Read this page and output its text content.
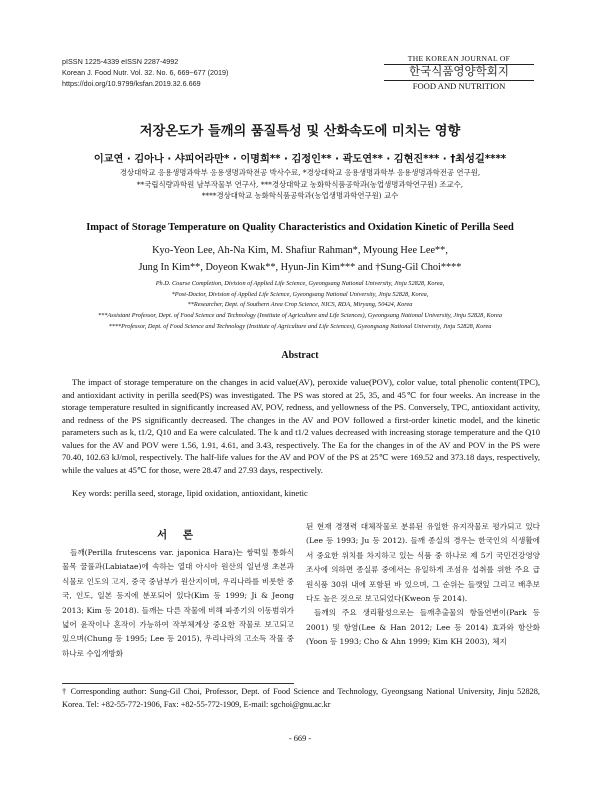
pISSN 1225-4339 eISSN 2287-4992
Korean J. Food Nutr. Vol. 32. No. 6, 669~677 (2019)
https://doi.org/10.9799/ksfan.2019.32.6.669
THE KOREAN JOURNAL OF
한국식품영양학회지
FOOD AND NUTRITION
저장온도가 들깨의 품질특성 및 산화속도에 미치는 영향
이교연 · 김아나 · 샤피어라만* · 이명희** · 김정인** · 곽도연** · 김현진*** · †최성길****
경상대학교 응용생명과학부 응용생명과학전공 박사수료, *경상대학교 응용생명과학부 응용생명과학전공 연구원,
**국립식량과학원 남부작물부 연구사, ***경상대학교 농화학식품공학과(농업생명과학연구원) 조교수,
****경상대학교 농화학식품공학과(농업생명과학연구원) 교수
Impact of Storage Temperature on Quality Characteristics and Oxidation Kinetic of Perilla Seed
Kyo-Yeon Lee, Ah-Na Kim, M. Shafiur Rahman*, Myoung Hee Lee**,
Jung In Kim**, Doyeon Kwak**, Hyun-Jin Kim*** and †Sung-Gil Choi****
Ph.D. Course Completion, Division of Applied Life Science, Gyeongsang National University, Jinju 52828, Korea,
*Post-Doctor, Division of Applied Life Science, Gyeongsang National University, Jinju 52828, Korea,
**Researcher, Dept. of Southern Area Crop Science, NICS, RDA, Miryang, 50424, Korea
***Assistant Professor, Dept. of Food Science and Technology (Institute of Agriculture and Life Sciences), Gyeongsang National University, Jinju 52828, Korea
****Professor, Dept. of Food Science and Technology (Institute of Agriculture and Life Sciences), Gyeongsang National University, Jinju 52828, Korea
Abstract

The impact of storage temperature on the changes in acid value(AV), peroxide value(POV), color value, total phenolic content(TPC), and antioxidant activity in perilla seed(PS) was investigated. The PS was stored at 25, 35, and 45℃ for four weeks. An increase in the storage temperature resulted in significantly increased AV, POV, redness, and yellowness of the PS. Conversely, TPC, antioxidant activity, and redness of the PS significantly decreased. The changes in the AV and POV followed a first-order kinetic model, and the kinetic parameters such as k, t1/2, Q10 and Ea were calculated. The k and t1/2 values decreased with increasing storage temperature and the Q10 values for the AV and POV were 1.56, 1.91, 4.61, and 3.43, respectively. The Ea for the changes in of the AV and POV in the PS were 70.40, 102.63 kJ/mol, respectively. The half-life values for the AV and POV of the PS at 25℃ were 169.52 and 373.18 days, respectively, while the values at 45℃ for those, were 28.47 and 27.93 days, respectively.

Key words: perilla seed, storage, lipid oxidation, antioxidant, kinetic
서 론

들깨(Perilla frutescens var. japonica Hara)는 쌍떡잎 통화식물목 꿀풀과(Labiatae)에 속하는 열대 아시아 원산의 일년생 초본과 식물로 인도의 고지, 중국 중남부가 원산지이며, 우리나라를 비롯한 중국, 인도, 일본 등지에 분포되어 있다(Kim 등 1999; Ji & Jeong 2013; Kim 등 2018). 들깨는 다른 작물에 비해 파종기의 이동범위가 넓어 윤작이나 혼작이 가능하여 작부체계상 중요한 작물로 보고되고 있으며(Chung 등 1995; Lee 등 2015), 우리나라의 고소득 작물 중 하나로 수입개방화

된 현재 경쟁력 대체작물로 분류된 유일한 유지작물로 평가되고 있다(Lee 등 1993; Ju 등 2012). 들깨 종실의 경우는 한국인의 식생활에서 중요한 위치를 차지하고 있는 식품 중 하나로 제 5기 국민건강영양조사에 의하면 종실류 중에서는 유일하게 조섬유 섭취를 위한 주요 급원식품 30위 내에 포함된 바 있으며, 그 순위는 들깻잎 그리고 배추보다도 높은 것으로 보고되었다(Kweon 등 2014).

들깨의 주요 생리활성으로는 들깨추출물의 항돌연변이(Park 등 2001) 및 항염(Lee & Han 2012; Lee 등 2014) 효과와 항산화(Yoon 등 1993; Cho & Ahn 1999; Kim KH 2003), 체지

† Corresponding author: Sung-Gil Choi, Professor, Dept. of Food Science and Technology, Gyeongsang National University, Jinju 52828, Korea. Tel: +82-55-772-1906, Fax: +82-55-772-1909, E-mail: sgchoi@gnu.ac.kr
- 669 -
